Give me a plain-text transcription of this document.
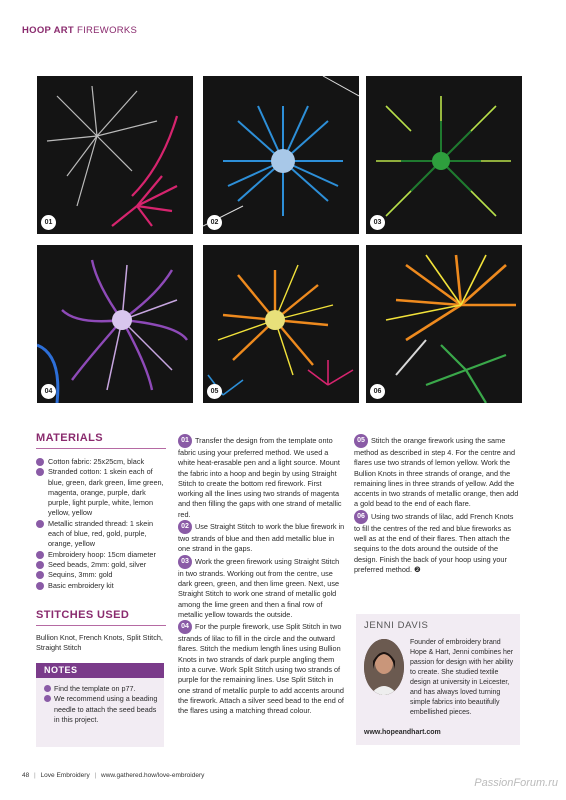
HOOP ART FIREWORKS
01	02	03
04	05	06
MATERIALS
Cotton fabric: 25x25cm, black
Stranded cotton: 1 skein each of blue, green, dark green, lime green, magenta, orange, purple, dark purple, light purple, white, lemon yellow, yellow
Metallic stranded thread: 1 skein each of blue, red, gold, purple, orange, yellow
Embroidery hoop: 15cm diameter
Seed beads, 2mm: gold, silver
Sequins, 3mm: gold
Basic embroidery kit
STITCHES USED
Bullion Knot, French Knots, Split Stitch, Straight Stitch
NOTES
Find the template on p77.
We recommend using a beading needle to attach the seed beads in this project.

01 Transfer the design from the template onto fabric using your preferred method. We used a white heat-erasable pen and a light source. Mount the fabric into a hoop and begin by using Straight Stitch to create the bottom red firework. First working all the lines using two strands of magenta and then filling the gaps with one strand of metallic red.

02 Use Straight Stitch to work the blue firework in two strands of blue and then add metallic blue in one strand in the gaps.

03 Work the green firework using Straight Stitch in two strands. Working out from the centre, use dark green, green, and then lime green. Next, use Straight Stitch to work one strand of metallic gold among the lime green and then a final row of metallic yellow towards the outside.

04 For the purple firework, use Split Stitch in two strands of lilac to fill in the circle and the outward flares. Stitch the medium length lines using Bullion Knots in two strands of dark purple angling them into a curve. Work Split Stitch using two strands of purple for the remaining lines. Use Split Stitch in one strand of metallic purple to add accents around the firework. Attach a silver seed bead to the end of the flares using a matching thread colour.

05 Stitch the orange firework using the same method as described in step 4. For the centre and flares use two strands of lemon yellow. Work the Bullion Knots in three strands of orange, and the remaining lines in three strands of yellow. Add the accents in two strands of metallic orange, then add a gold bead to the end of each flare.

06 Using two strands of lilac, add French Knots to fill the centres of the red and blue fireworks as well as at the end of their flares. Then attach the sequins to the dots around the outside of the design. Finish the back of your hoop using your preferred method. ❷

JENNI DAVIS
Founder of embroidery brand Hope & Hart, Jenni combines her passion for design with her ability to create. She studied textile design at university in Leicester, and has always loved turning simple fabrics into beautifully embellished pieces.

www.hopeandhart.com
48 | Love Embroidery | www.gathered.how/love-embroidery
PassionForum.ru
